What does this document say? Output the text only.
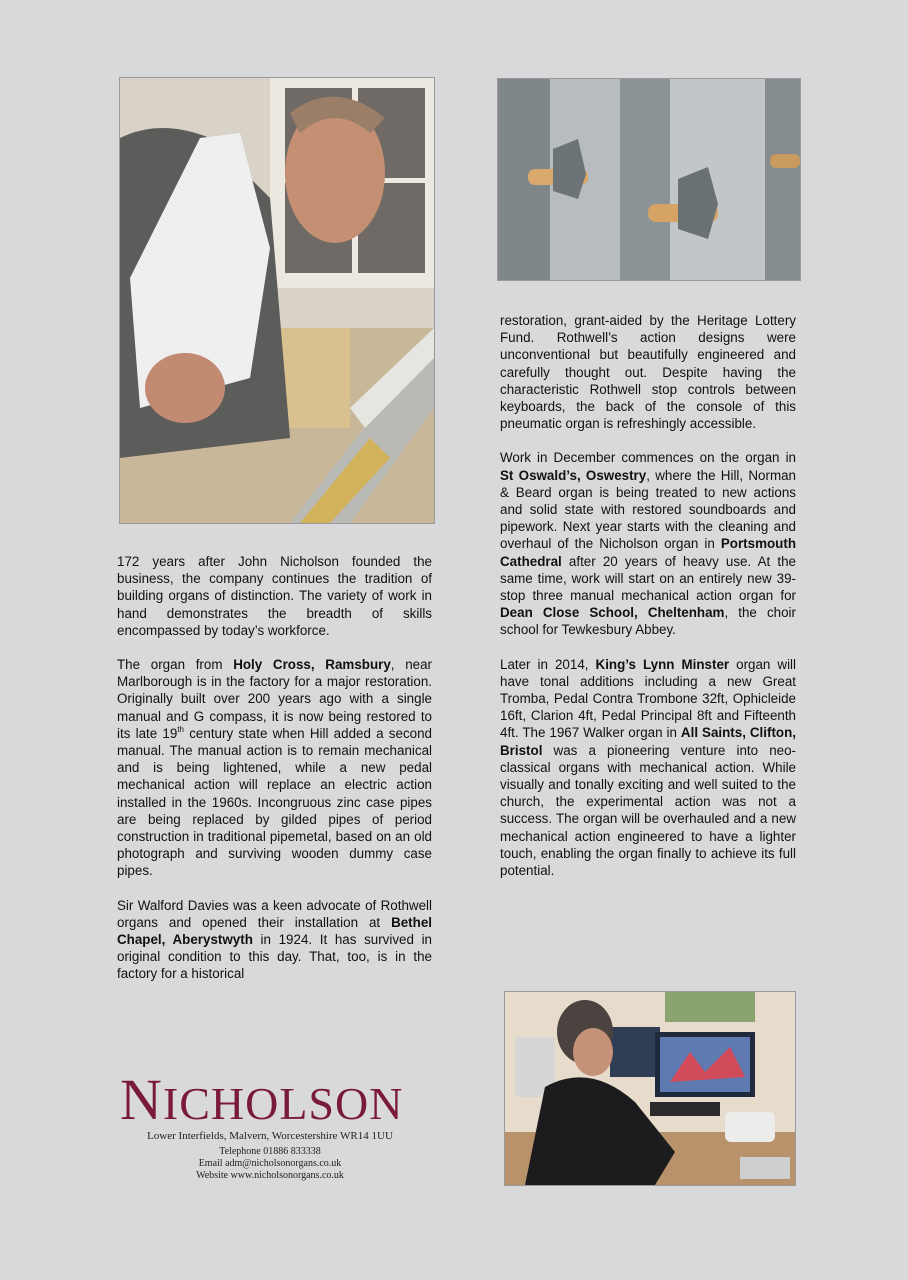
172 years after John Nicholson founded the business, the company continues the tradition of building organs of distinction. The variety of work in hand demonstrates the breadth of skills encompassed by today’s workforce.

The organ from Holy Cross, Ramsbury, near Marlborough is in the factory for a major restoration. Originally built over 200 years ago with a single manual and G compass, it is now being restored to its late 19th century state when Hill added a second manual. The manual action is to remain mechanical and is being lightened, while a new pedal mechanical action will replace an electric action installed in the 1960s. Incongruous zinc case pipes are being replaced by gilded pipes of period construction in traditional pipemetal, based on an old photograph and surviving wooden dummy case pipes.

Sir Walford Davies was a keen advocate of Rothwell organs and opened their installation at Bethel Chapel, Aberystwyth in 1924. It has survived in original condition to this day. That, too, is in the factory for a historical

restoration, grant-aided by the Heritage Lottery Fund. Rothwell’s action designs were unconventional but beautifully engineered and carefully thought out. Despite having the characteristic Rothwell stop controls between keyboards, the back of the console of this pneumatic organ is refreshingly accessible.

Work in December commences on the organ in St Oswald’s, Oswestry, where the Hill, Norman & Beard organ is being treated to new actions and solid state with restored soundboards and pipework. Next year starts with the cleaning and overhaul of the Nicholson organ in Portsmouth Cathedral after 20 years of heavy use. At the same time, work will start on an entirely new 39-stop three manual mechanical action organ for Dean Close School, Cheltenham, the choir school for Tewkesbury Abbey.

Later in 2014, King’s Lynn Minster organ will have tonal additions including a new Great Tromba, Pedal Contra Trombone 32ft, Ophicleide 16ft, Clarion 4ft, Pedal Principal 8ft and Fifteenth 4ft. The 1967 Walker organ in All Saints, Clifton, Bristol was a pioneering venture into neo-classical organs with mechanical action. While visually and tonally exciting and well suited to the church, the experimental action was not a success. The organ will be overhauled and a new mechanical action engineered to have a lighter touch, enabling the organ finally to achieve its full potential.

NICHOLSON
Lower Interfields, Malvern, Worcestershire WR14 1UU
Telephone 01886 833338
Email adm@nicholsonorgans.co.uk
Website www.nicholsonorgans.co.uk
